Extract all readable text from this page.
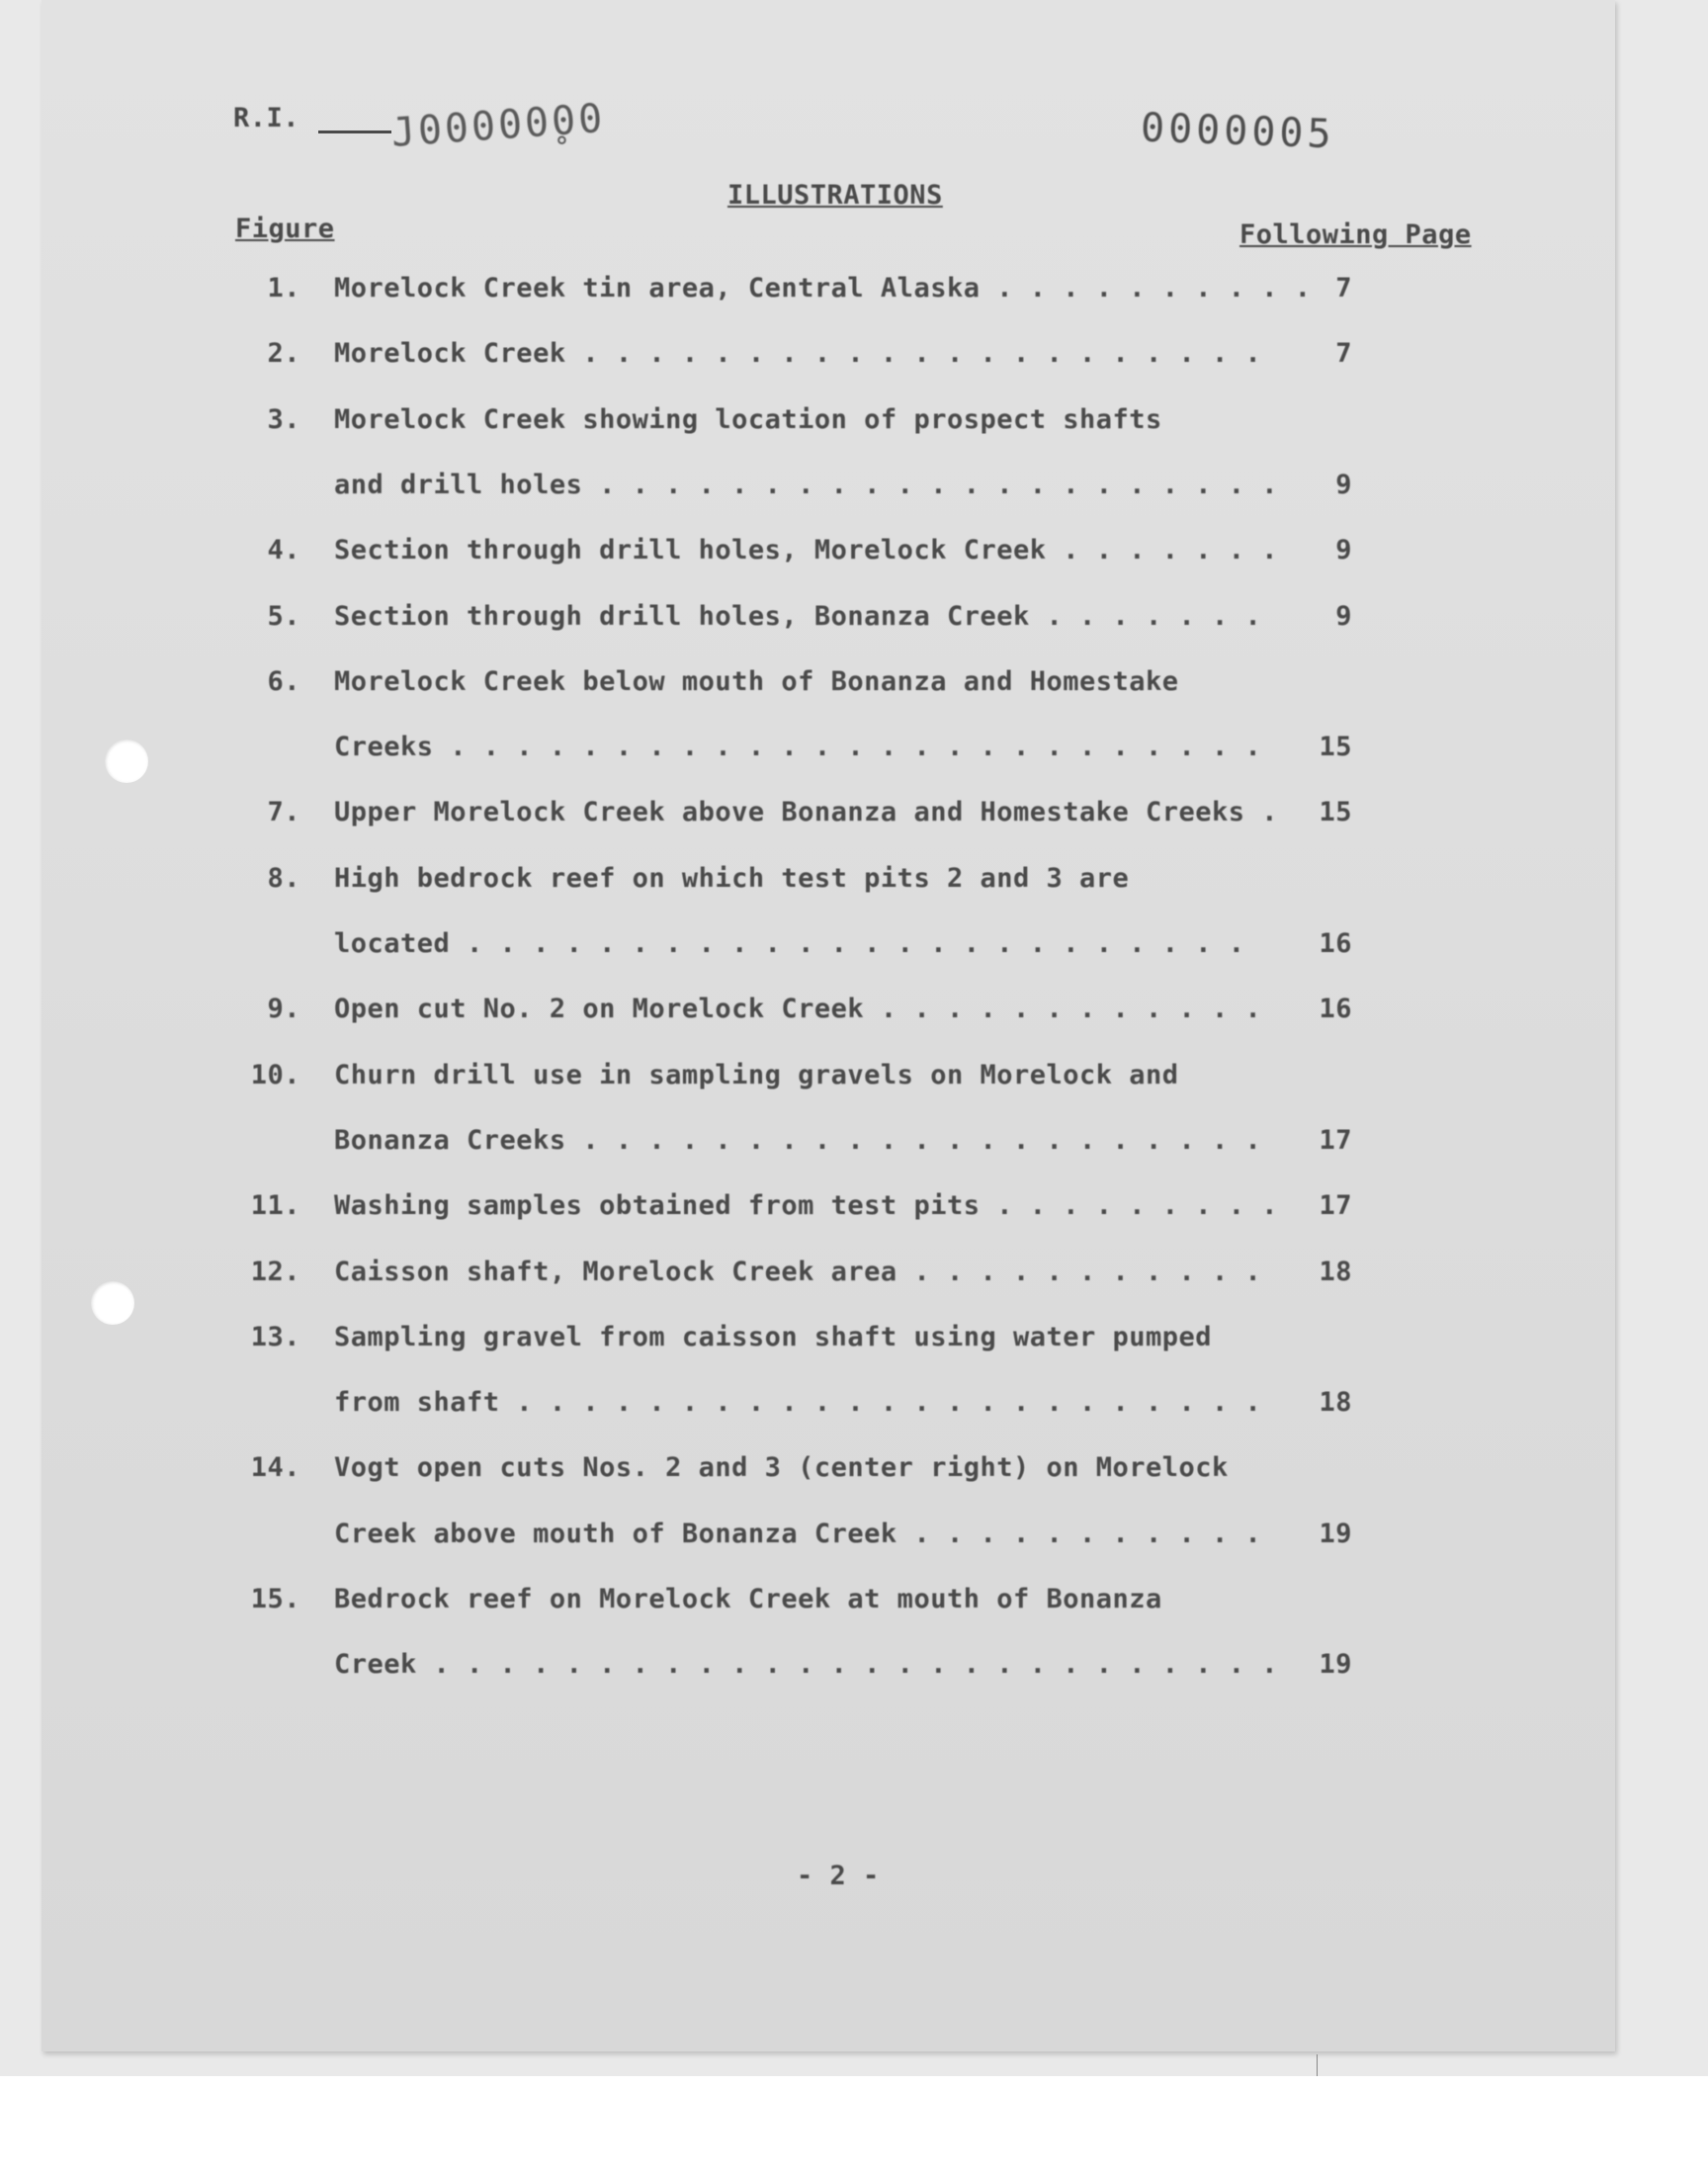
R.I. J00000̥00	0000005
ILLUSTRATIONS
Figure	Following Page
1. Morelock Creek tin area, Central Alaska . . . . . . . . . . 7
2. Morelock Creek . . . . . . . . . . . . . . . . . . . . .	7
3. Morelock Creek showing location of prospect shafts
and drill holes . . . . . . . . . . . . . . . . . . . . .	9
4. Section through drill holes, Morelock Creek . . . . . . .	9
5. Section through drill holes, Bonanza Creek . . . . . . .	9
6. Morelock Creek below mouth of Bonanza and Homestake
Creeks . . . . . . . . . . . . . . . . . . . . . . . . .	15
7. Upper Morelock Creek above Bonanza and Homestake Creeks .	15
8. High bedrock reef on which test pits 2 and 3 are
located . . . . . . . . . . . . . . . . . . . . . . . .	16
9. Open cut No. 2 on Morelock Creek . . . . . . . . . . . .	16
10. Churn drill use in sampling gravels on Morelock and
Bonanza Creeks . . . . . . . . . . . . . . . . . . . . .	17
11. Washing samples obtained from test pits . . . . . . . . .	17
12. Caisson shaft, Morelock Creek area . . . . . . . . . . .	18
13. Sampling gravel from caisson shaft using water pumped
from shaft . . . . . . . . . . . . . . . . . . . . . . .	18
14. Vogt open cuts Nos. 2 and 3 (center right) on Morelock
Creek above mouth of Bonanza Creek . . . . . . . . . . .	19
15. Bedrock reef on Morelock Creek at mouth of Bonanza
Creek . . . . . . . . . . . . . . . . . . . . . . . . . .	19
- 2 -
